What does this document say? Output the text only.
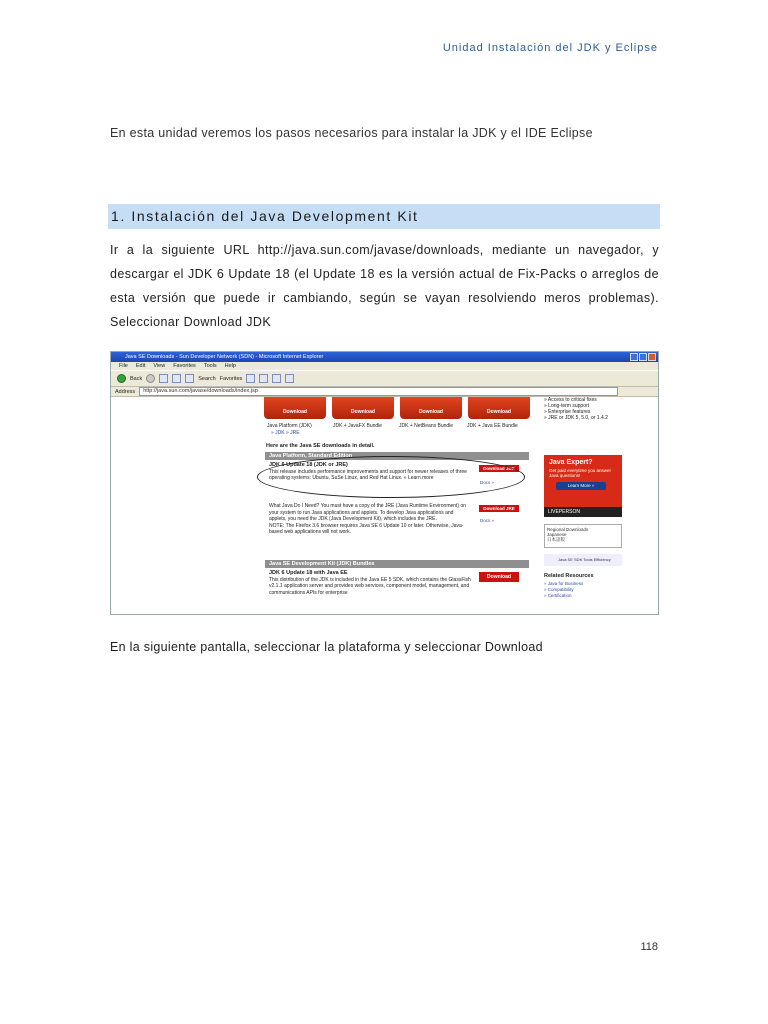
Unidad Instalación del JDK y Eclipse
En esta unidad veremos los pasos necesarios para instalar la JDK y el IDE Eclipse
1. Instalación del Java Development Kit
Ir a la siguiente URL http://java.sun.com/javase/downloads, mediante un navegador, y descargar el JDK 6 Update 18 (el Update 18 es la versión actual de Fix-Packs o arreglos de esta versión que puede ir cambiando, según se vayan resolviendo meros problemas). Seleccionar Download JDK
Java SE Downloads - Sun Developer Network (SDN) - Microsoft Internet Explorer
File Edit View Favorites Tools Help
Back	Search Favorites
Address	http://java.sun.com/javase/downloads/index.jsp
Download	Download	Download	Download
Java Platform (JDK)	JDK + JavaFX Bundle	JDK + NetBeans Bundle	JDK + Java EE Bundle
» JDK » JRE
Here are the Java SE downloads in detail.
Java Platform, Standard Edition
JDK 6 Update 18 (JDK or JRE)
This release includes performance improvements and support for newer releases of three operating systems: Ubuntu, SuSe Linux, and Red Hat Linux. » Learn more
Download JDK
Docs »
What Java Do I Need? You must have a copy of the JRE (Java Runtime Environment) on your system to run Java applications and applets. To develop Java applications and applets, you need the JDK (Java Development Kit), which includes the JRE.
NOTE: The Firefox 3.6 browser requires Java SE 6 Update 10 or later. Otherwise, Java-based web applications will not work.
Download JRE
Docs »
Java SE Development Kit (JDK) Bundles
JDK 6 Update 18 with Java EE
This distribution of the JDK is included in the Java EE 5 SDK, which contains the GlassFish v2.1.1 application server and provides web services, component model, management, and communications APIs for enterprise
Download
» Access to critical fixes
» Long-term support
» Enterprise features
» JRE or JDK 5, 5.0, or 1.4.2
Java Expert?
Get paid everytime you answer Java questions!
Learn More »
LIVEPERSON
Regional Downloads
Japanese
日本語版
Java SE SDK Tools Efficiency
Related Resources
» Java for Business
» Compatibility
» Certification
En la siguiente pantalla, seleccionar la plataforma y seleccionar Download
118
